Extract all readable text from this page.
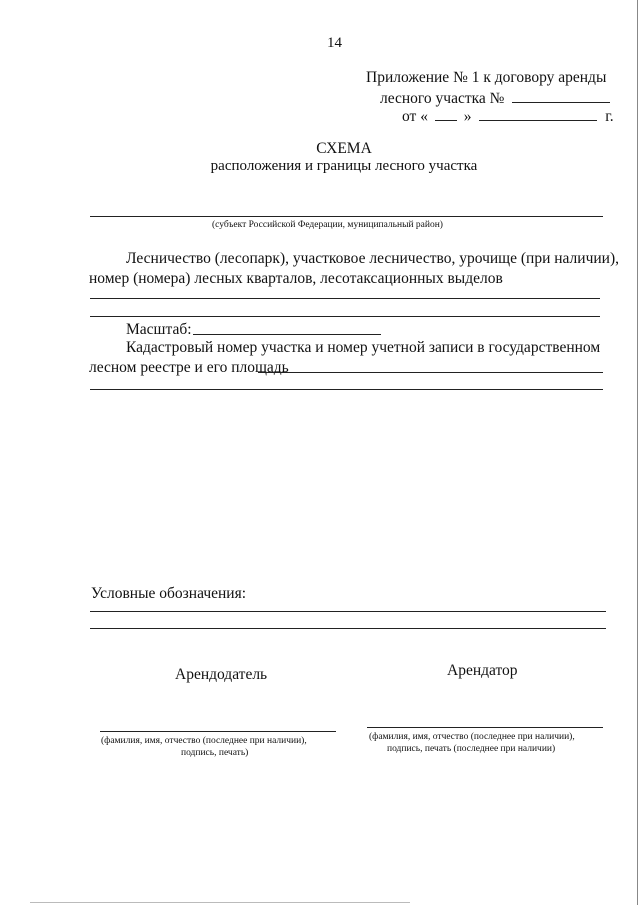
14
Приложение № 1 к договору аренды
лесного участка №
от « »	г.
СХЕМА
расположения и границы лесного участка
(субъект Российской Федерации, муниципальный район)
Лесничество (лесопарк), участковое лесничество, урочище (при наличии),
номер (номера) лесных кварталов, лесотаксационных выделов
Масштаб:
Кадастровый номер участка и номер учетной записи в государственном
лесном реестре и его площадь
Условные обозначения:
Арендодатель
(фамилия, имя, отчество (последнее при наличии),
подпись, печать)
Арендатор
(фамилия, имя, отчество (последнее при наличии),
подпись, печать (последнее при наличии)
